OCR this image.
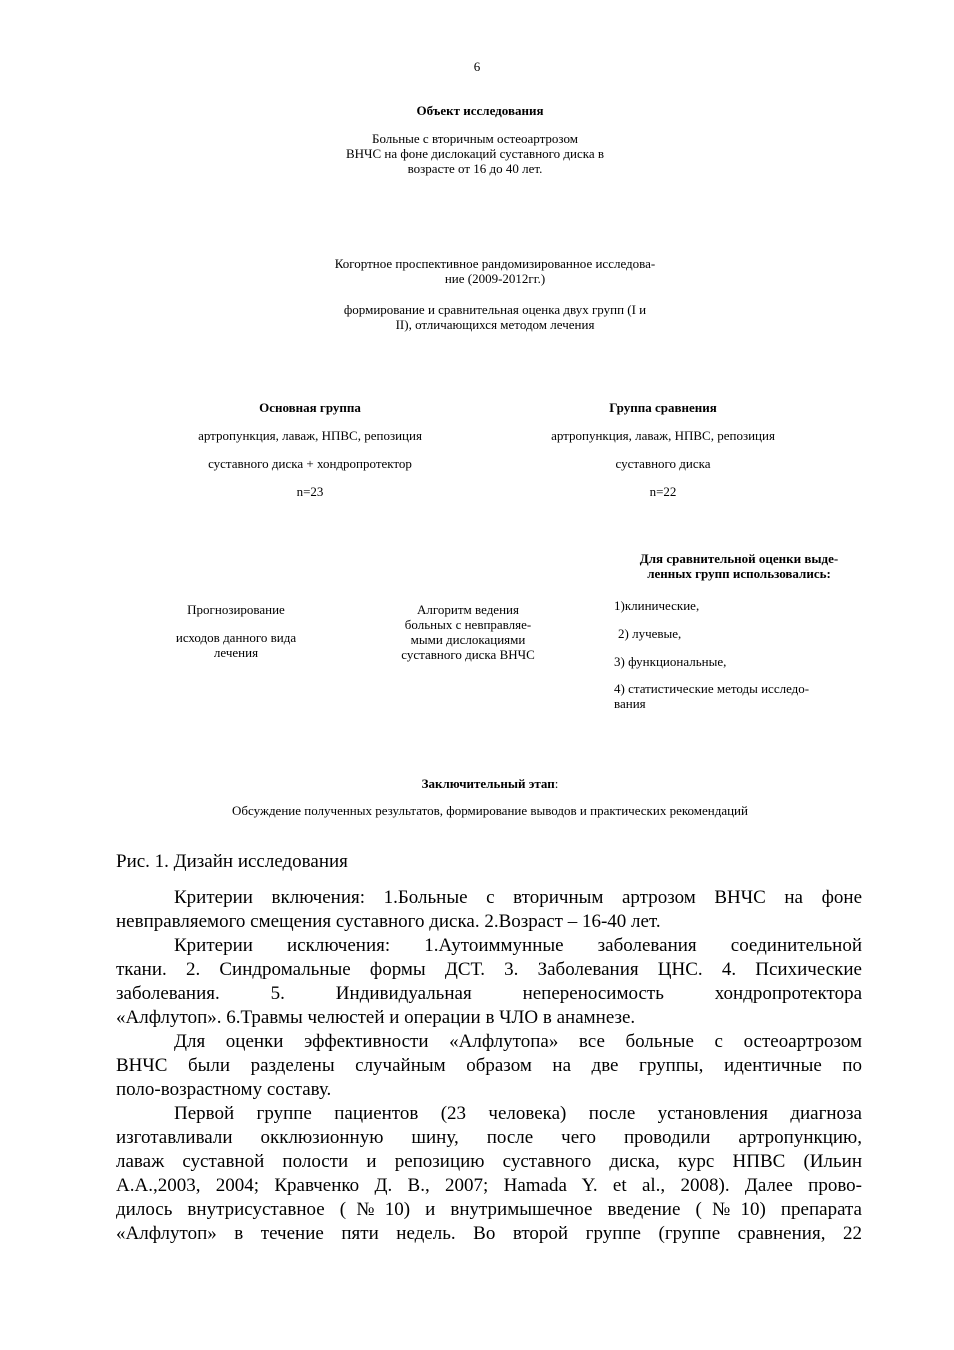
6
Объект исследования
Больные с вторичным остеоартрозом
ВНЧС на фоне дислокаций суставного диска в
возрасте от 16 до 40 лет.
Когортное проспективное рандомизированное исследова-
ние (2009-2012гг.)
формирование и сравнительная оценка двух групп (I и
II), отличающихся методом лечения
Основная группа
артропункция, лаваж, НПВС, репозиция
суставного диска + хондропротектор
n=23
Группа сравнения
артропункция, лаваж, НПВС, репозиция
суставного диска
n=22
Прогнозирование
исходов данного вида
лечения
Алгоритм ведения
больных с невправляе-
мыми дислокациями
суставного диска ВНЧС
Для сравнительной оценки выде-
ленных групп использовались:
1)клинические,
2) лучевые,
3) функциональные,
4) статистические методы исследо-
вания
Заключительный этап:
Обсуждение полученных результатов, формирование выводов и практических рекомендаций
Рис. 1. Дизайн исследования
Критерии включения: 1.Больные с вторичным артрозом ВНЧС на фоне
невправляемого смещения суставного диска. 2.Возраст – 16-40 лет.
Критерии исключения: 1.Аутоиммунные заболевания соединительной
ткани. 2. Синдромальные формы ДСТ. 3. Заболевания ЦНС. 4. Психические
заболевания. 5. Индивидуальная непереносимость хондропротектора
«Алфлутоп». 6.Травмы челюстей и операции в ЧЛО в анамнезе.
Для оценки эффективности «Алфлутопа» все больные с остеоартрозом
ВНЧС были разделены случайным образом на две группы, идентичные по
поло-возрастному составу.
Первой группе пациентов (23 человека) после установления диагноза
изготавливали окклюзионную шину, после чего проводили артропункцию,
лаваж суставной полости и репозицию суставного диска, курс НПВС (Ильин
А.А.,2003, 2004; Кравченко Д. В., 2007; Hamada Y. et al., 2008). Далее прово-
дилось внутрисуставное (№10) и внутримышечное введение (№10) препарата
«Алфлутоп» в течение пяти недель. Во второй группе (группе сравнения, 22
